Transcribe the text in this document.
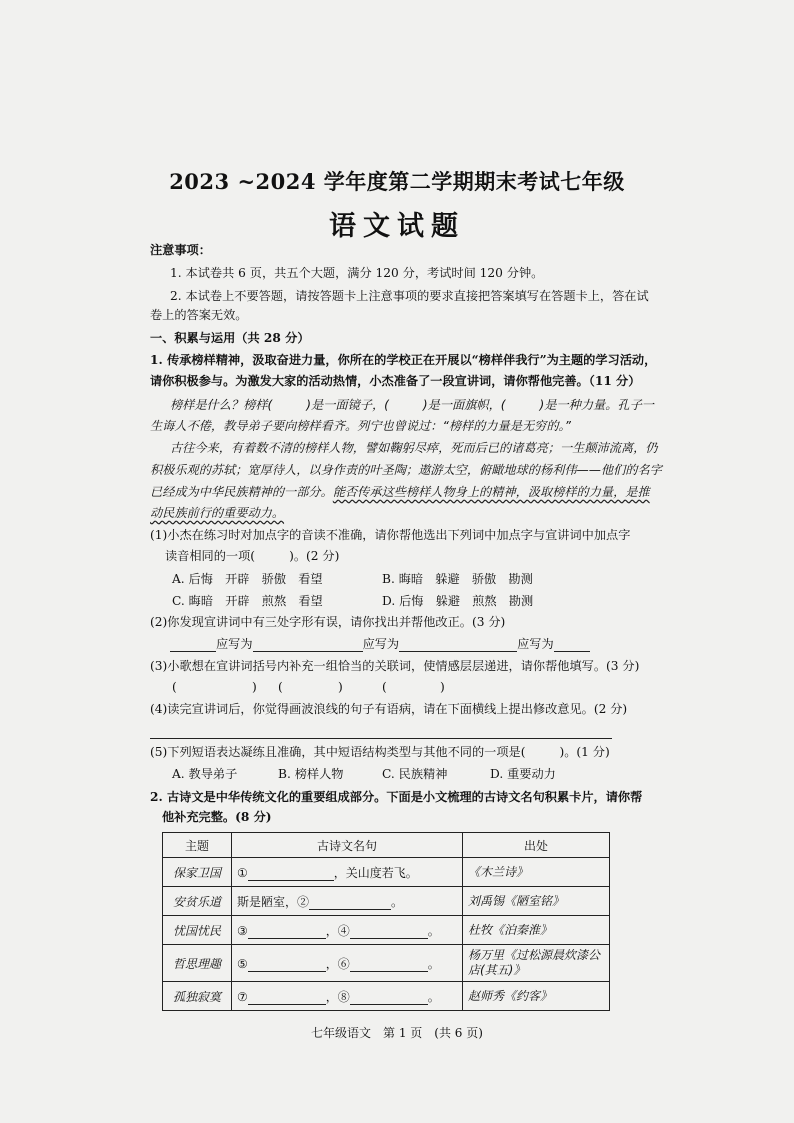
2023 ~2024 学年度第二学期期末考试七年级
语文试题
注意事项：
1. 本试卷共 6 页，共五个大题，满分 120 分，考试时间 120 分钟。
2. 本试卷上不要答题，请按答题卡上注意事项的要求直接把答案填写在答题卡上，答在试
卷上的答案无效。
一、积累与运用（共 28 分）
1. 传承榜样精神，汲取奋进力量，你所在的学校正在开展以“榜样伴我行”为主题的学习活动，
请你积极参与。为激发大家的活动热情，小杰准备了一段宣讲词，请你帮他完善。（11 分）
榜样是什么？榜样(	)是一面镜子，(	)是一面旗帜，(	)是一种力量。孔子一
生诲人不倦，教导弟子要向榜样看齐。列宁也曾说过：“榜样的力量是无穷的。”
古往今来，有着数不清的榜样人物，譬如鞠躬尽瘁，死而后已的诸葛亮；一生颠沛流离，仍
积极乐观的苏轼；宽厚待人，以身作责的叶圣陶；遨游太空，俯瞰地球的杨利伟——他们的名字
已经成为中华民族精神的一部分。能否传承这些榜样人物身上的精神，汲取榜样的力量，是推
动民族前行的重要动力。
(1)小杰在练习时对加点字的音读不准确，请你帮他选出下列词中加点字与宣讲词中加点字
读音相同的一项(	)。(2 分)
A. 后悔　开辟　骄傲　看望	B. 晦暗　躲避　骄傲　勘测
C. 晦暗　开辟　煎熬　看望	D. 后悔　躲避　煎熬　勘测
(2)你发现宣讲词中有三处字形有误，请你找出并帮他改正。(3 分)
应写为	应写为	应写为
(3)小歌想在宣讲词括号内补充一组恰当的关联词，使情感层层递进，请你帮他填写。(3 分)
(	) (	)	(	)
(4)读完宣讲词后，你觉得画波浪线的句子有语病，请在下面横线上提出修改意见。(2 分)
(5)下列短语表达凝练且准确，其中短语结构类型与其他不同的一项是(	)。(1 分)
A. 教导弟子	B. 榜样人物	C. 民族精神	D. 重要动力
2. 古诗文是中华传统文化的重要组成部分。下面是小文梳理的古诗文名句积累卡片，请你帮
他补充完整。(8 分)
主题	古诗文名句	出处
保家卫国	① ，关山度若飞。	《木兰诗》
安贫乐道	斯是陋室，② 。	刘禹锡《陋室铭》
忧国忧民	③ ，④ 。	杜牧《泊秦淮》
哲思理趣	⑤ ，⑥ 。	杨万里《过松源晨炊漆公店(其五)》
孤独寂寞	⑦ ，⑧ 。	赵师秀《约客》
七年级语文　第 1 页　(共 6 页)
